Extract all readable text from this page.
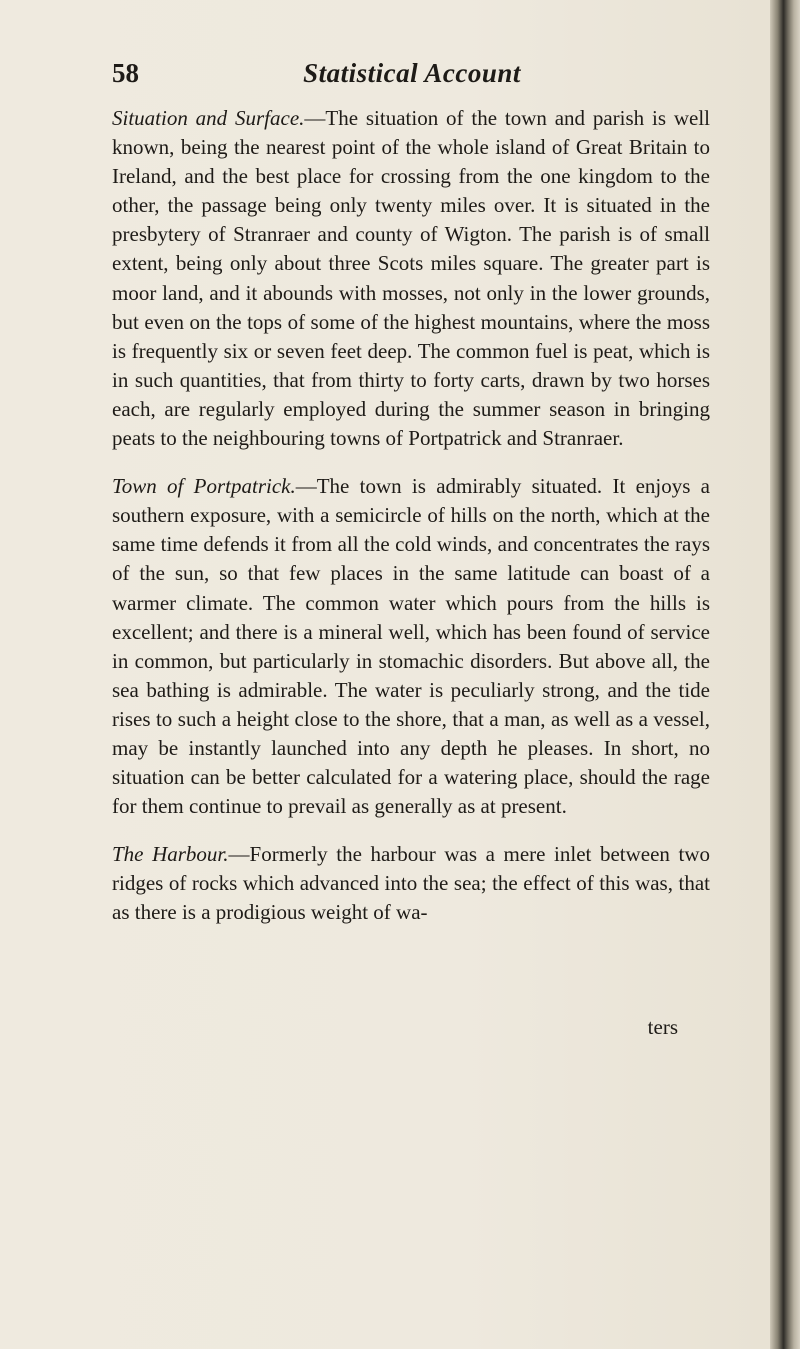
58	Statistical Account

Situation and Surface.—The situation of the town and parish is well known, being the nearest point of the whole island of Great Britain to Ireland, and the best place for crossing from the one kingdom to the other, the passage being only twenty miles over. It is situated in the presbytery of Stranraer and county of Wigton. The parish is of small extent, being only about three Scots miles square. The greater part is moor land, and it abounds with mosses, not only in the lower grounds, but even on the tops of some of the highest mountains, where the moss is frequently six or seven feet deep. The common fuel is peat, which is in such quantities, that from thirty to forty carts, drawn by two horses each, are regularly employed during the summer season in bringing peats to the neighbouring towns of Portpatrick and Stranraer.

Town of Portpatrick.—The town is admirably situated. It enjoys a southern exposure, with a semicircle of hills on the north, which at the same time defends it from all the cold winds, and concentrates the rays of the sun, so that few places in the same latitude can boast of a warmer climate. The common water which pours from the hills is excellent; and there is a mineral well, which has been found of service in common, but particularly in stomachic disorders. But above all, the sea bathing is admirable. The water is peculiarly strong, and the tide rises to such a height close to the shore, that a man, as well as a vessel, may be instantly launched into any depth he pleases. In short, no situation can be better calculated for a watering place, should the rage for them continue to prevail as generally as at present.

The Harbour.—Formerly the harbour was a mere inlet between two ridges of rocks which advanced into the sea; the effect of this was, that as there is a prodigious weight of wa-

ters
